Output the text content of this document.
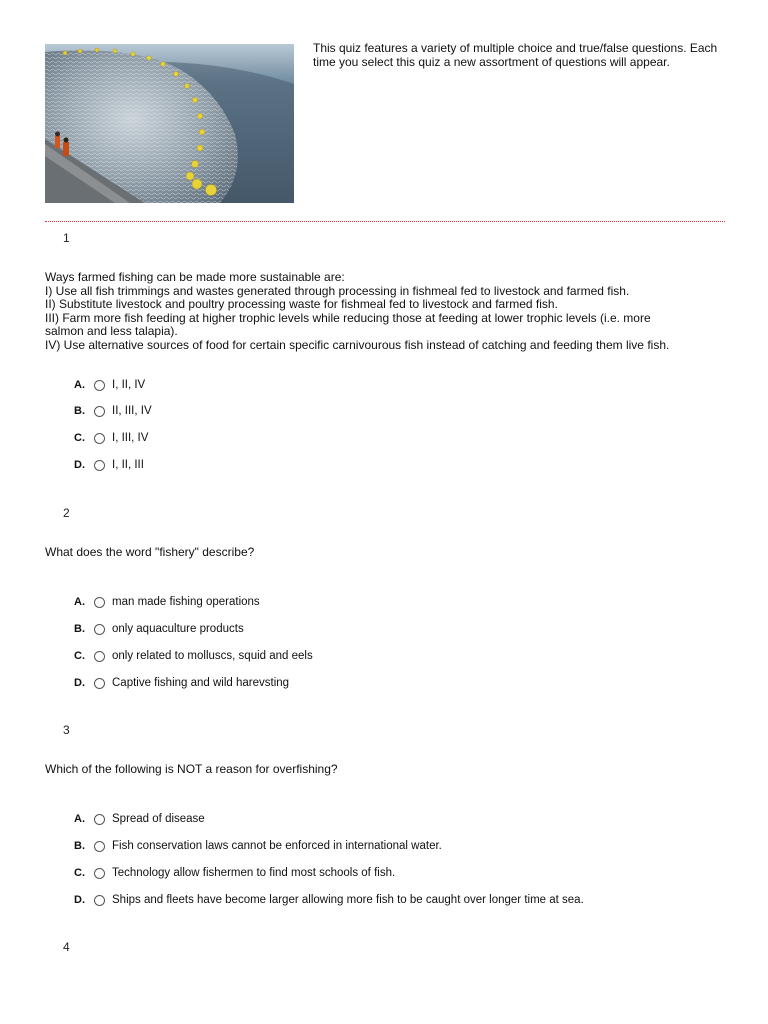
This quiz features a variety of multiple choice and true/false questions. Each time you select this quiz a new assortment of questions will appear.
1
Ways farmed fishing can be made more sustainable are:
I) Use all fish trimmings and wastes generated through processing in fishmeal fed to livestock and farmed fish.
II) Substitute livestock and poultry processing waste for fishmeal fed to livestock and farmed fish.
III) Farm more fish feeding at higher trophic levels while reducing those at feeding at lower trophic levels (i.e. more
salmon and less talapia).
IV) Use alternative sources of food for certain specific carnivourous fish instead of catching and feeding them live fish.
A.	I, II, IV
B.	II, III, IV
C.	I, III, IV
D.	I, II, III
2
What does the word "fishery" describe?
A.	man made fishing operations
B.	only aquaculture products
C.	only related to molluscs, squid and eels
D.	Captive fishing and wild harevsting
3
Which of the following is NOT a reason for overfishing?
A.	Spread of disease
B.	Fish conservation laws cannot be enforced in international water.
C.	Technology allow fishermen to find most schools of fish.
D.	Ships and fleets have become larger allowing more fish to be caught over longer time at sea.
4
